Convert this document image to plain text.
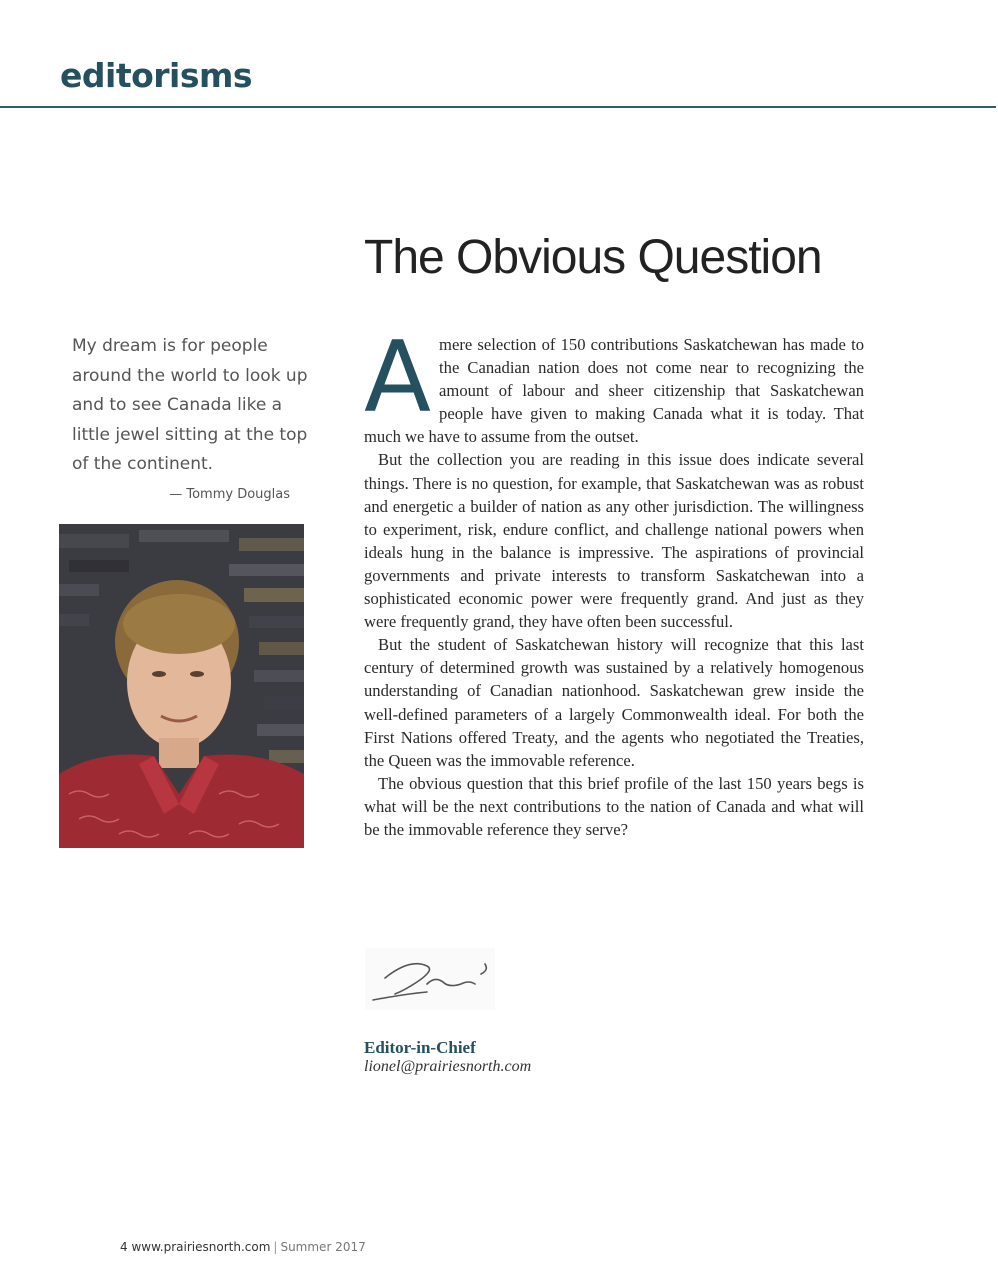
editorisms
The Obvious Question
My dream is for people around the world to look up and to see Canada like a little jewel sitting at the top of the continent.
— Tommy Douglas

A mere selection of 150 contributions Saskatchewan has made to the Canadian nation does not come near to recognizing the amount of labour and sheer citizenship that Saskatchewan people have given to making Canada what it is today. That much we have to assume from the outset.

But the collection you are reading in this issue does indicate several things. There is no question, for example, that Saskatchewan was as robust and energetic a builder of nation as any other jurisdiction. The willingness to experiment, risk, endure conflict, and challenge national powers when ideals hung in the balance is impressive. The aspirations of provincial governments and private interests to transform Saskatchewan into a sophisticated economic power were frequently grand. And just as they were frequently grand, they have often been successful.

But the student of Saskatchewan history will recognize that this last century of determined growth was sustained by a relatively homogenous understanding of Canadian nationhood. Saskatchewan grew inside the well-defined parameters of a largely Commonwealth ideal. For both the First Nations offered Treaty, and the agents who negotiated the Treaties, the Queen was the immovable reference.

The obvious question that this brief profile of the last 150 years begs is what will be the next contributions to the nation of Canada and what will be the immovable reference they serve?

Editor-in-Chief
lionel@prairiesnorth.com
4 www.prairiesnorth.com | Summer 2017
